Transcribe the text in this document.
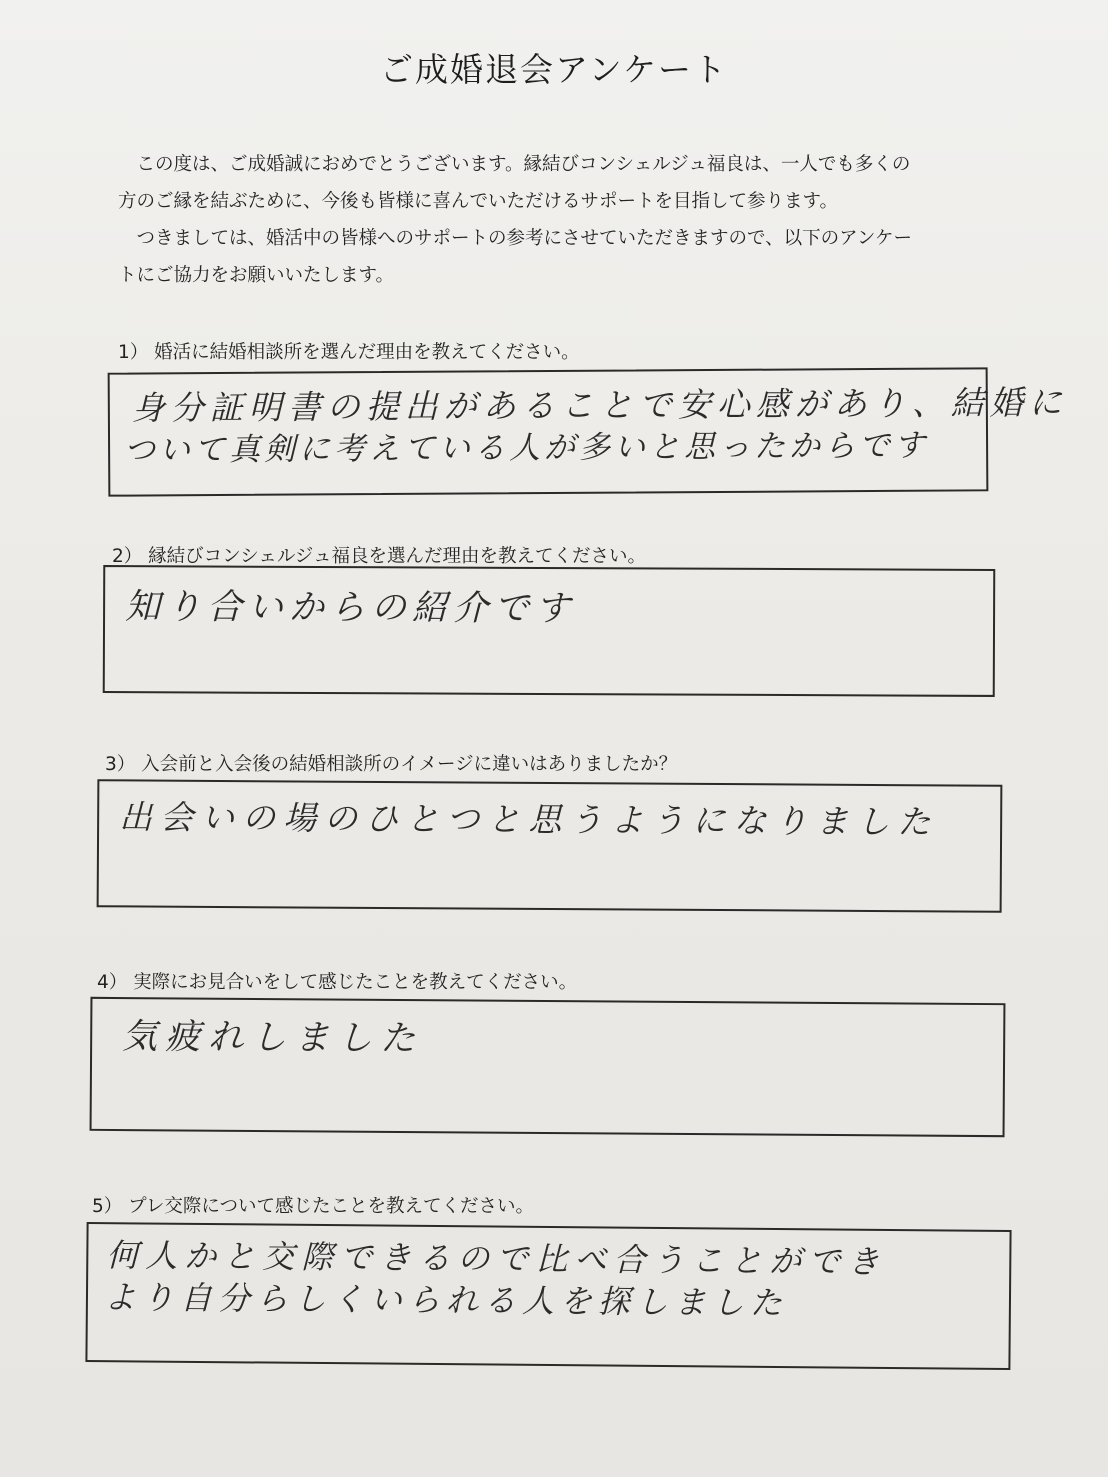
ご成婚退会アンケート

この度は、ご成婚誠におめでとうございます。縁結びコンシェルジュ福良は、一人でも多くの

方のご縁を結ぶために、今後も皆様に喜んでいただけるサポートを目指して参ります。

つきましては、婚活中の皆様へのサポートの参考にさせていただきますので、以下のアンケー

トにご協力をお願いいたします。

1） 婚活に結婚相談所を選んだ理由を教えてください。
身分証明書の提出があることで安心感があり、結婚に
ついて真剣に考えている人が多いと思ったからです
2） 縁結びコンシェルジュ福良を選んだ理由を教えてください。
知り合いからの紹介です
3） 入会前と入会後の結婚相談所のイメージに違いはありましたか？
出会いの場のひとつと思うようになりました
4） 実際にお見合いをして感じたことを教えてください。
気疲れしました
5） プレ交際について感じたことを教えてください。
何人かと交際できるので比べ合うことができ
より自分らしくいられる人を探しました
